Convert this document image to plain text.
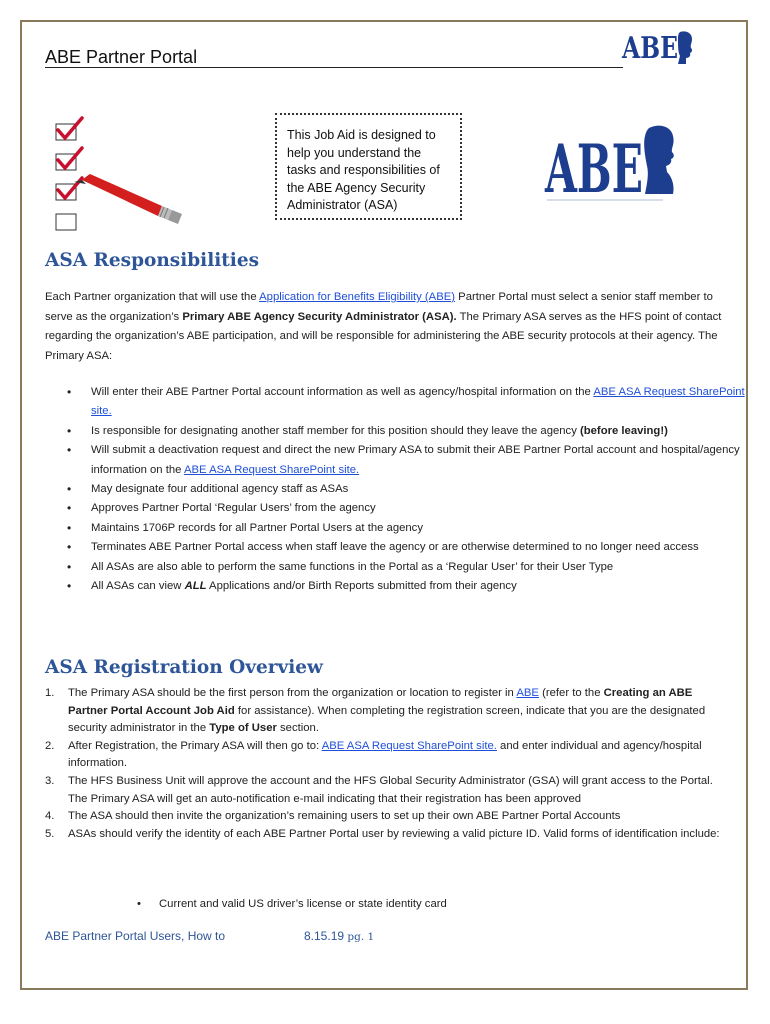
ABE Partner Portal	ABE
This Job Aid is designed to help you understand the tasks and responsibilities of the ABE Agency Security Administrator (ASA)	ABE
ASA Responsibilities
Each Partner organization that will use the Application for Benefits Eligibility (ABE) Partner Portal must select a senior staff member to serve as the organization’s Primary ABE Agency Security Administrator (ASA). The Primary ASA serves as the HFS point of contact regarding the organization’s ABE participation, and will be responsible for administering the ABE security protocols at their agency. The Primary ASA:
• Will enter their ABE Partner Portal account information as well as agency/hospital information on the ABE ASA Request SharePoint site.
• Is responsible for designating another staff member for this position should they leave the agency (before leaving!)
• Will submit a deactivation request and direct the new Primary ASA to submit their ABE Partner Portal account and hospital/agency information on the ABE ASA Request SharePoint site.
• May designate four additional agency staff as ASAs
• Approves Partner Portal ‘Regular Users’ from the agency
• Maintains 1706P records for all Partner Portal Users at the agency
• Terminates ABE Partner Portal access when staff leave the agency or are otherwise determined to no longer need access
• All ASAs are also able to perform the same functions in the Portal as a ‘Regular User’ for their User Type
• All ASAs can view ALL Applications and/or Birth Reports submitted from their agency
ASA Registration Overview
1. The Primary ASA should be the first person from the organization or location to register in ABE (refer to the Creating an ABE Partner Portal Account Job Aid for assistance). When completing the registration screen, indicate that you are the designated security administrator in the Type of User section.
2. After Registration, the Primary ASA will then go to: ABE ASA Request SharePoint site. and enter individual and agency/hospital information.
3. The HFS Business Unit will approve the account and the HFS Global Security Administrator (GSA) will grant access to the Portal. The Primary ASA will get an auto-notification e-mail indicating that their registration has been approved
4. The ASA should then invite the organization’s remaining users to set up their own ABE Partner Portal Accounts
5. ASAs should verify the identity of each ABE Partner Portal user by reviewing a valid picture ID. Valid forms of identification include:
• Current and valid US driver’s license or state identity card
ABE Partner Portal Users, How to	8.15.19 pg. 1
